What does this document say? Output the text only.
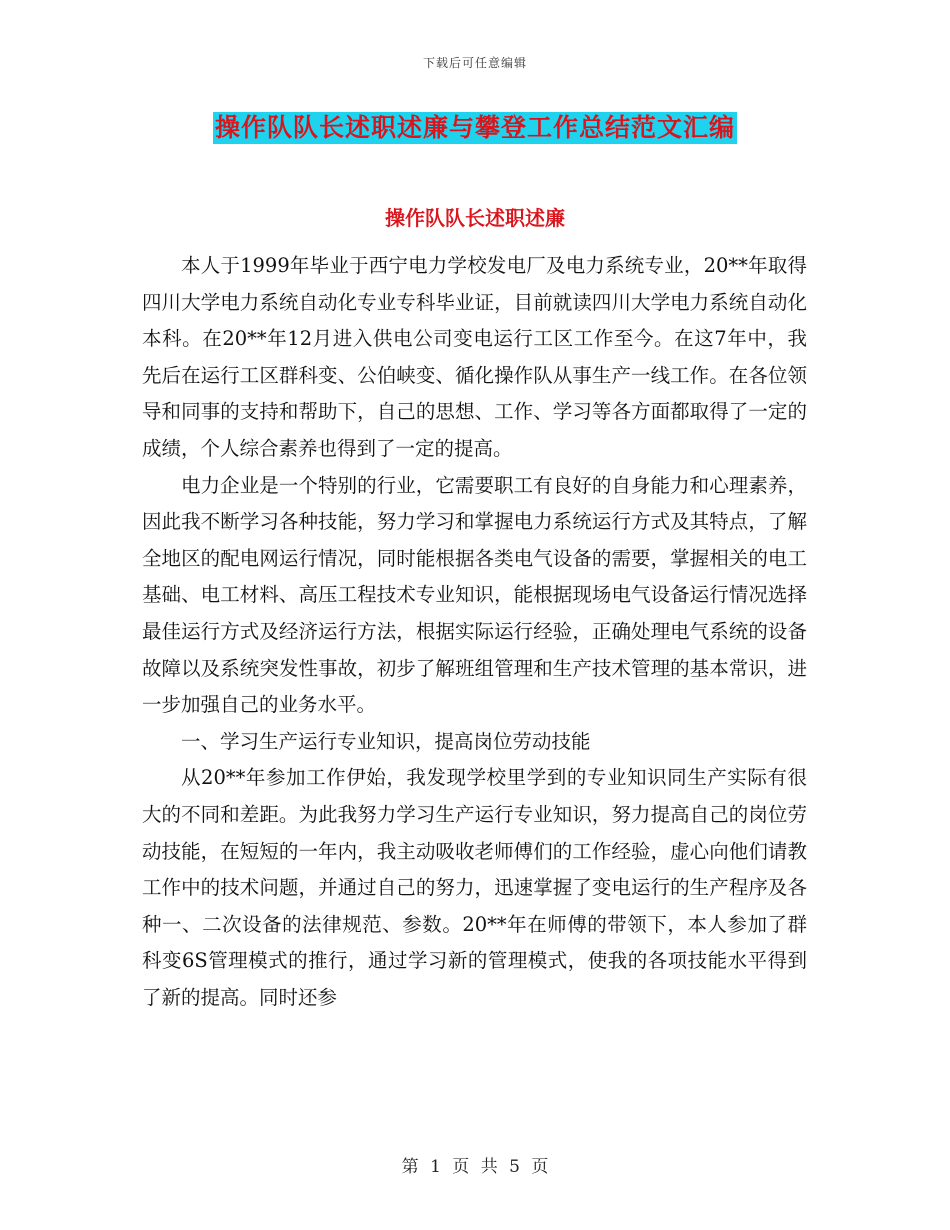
下载后可任意编辑
操作队队长述职述廉与攀登工作总结范文汇编
操作队队长述职述廉

本人于1999年毕业于西宁电力学校发电厂及电力系统专业，20**年取得四川大学电力系统自动化专业专科毕业证，目前就读四川大学电力系统自动化本科。在20**年12月进入供电公司变电运行工区工作至今。在这7年中，我先后在运行工区群科变、公伯峡变、循化操作队从事生产一线工作。在各位领导和同事的支持和帮助下，自己的思想、工作、学习等各方面都取得了一定的成绩，个人综合素养也得到了一定的提高。

电力企业是一个特别的行业，它需要职工有良好的自身能力和心理素养，因此我不断学习各种技能，努力学习和掌握电力系统运行方式及其特点，了解全地区的配电网运行情况，同时能根据各类电气设备的需要，掌握相关的电工基础、电工材料、高压工程技术专业知识，能根据现场电气设备运行情况选择最佳运行方式及经济运行方法，根据实际运行经验，正确处理电气系统的设备故障以及系统突发性事故，初步了解班组管理和生产技术管理的基本常识，进一步加强自己的业务水平。

一、学习生产运行专业知识，提高岗位劳动技能

从20**年参加工作伊始，我发现学校里学到的专业知识同生产实际有很大的不同和差距。为此我努力学习生产运行专业知识，努力提高自己的岗位劳动技能，在短短的一年内，我主动吸收老师傅们的工作经验，虚心向他们请教工作中的技术问题，并通过自己的努力，迅速掌握了变电运行的生产程序及各种一、二次设备的法律规范、参数。20**年在师傅的带领下，本人参加了群科变6S管理模式的推行，通过学习新的管理模式，使我的各项技能水平得到了新的提高。同时还参

第 1 页 共 5 页
